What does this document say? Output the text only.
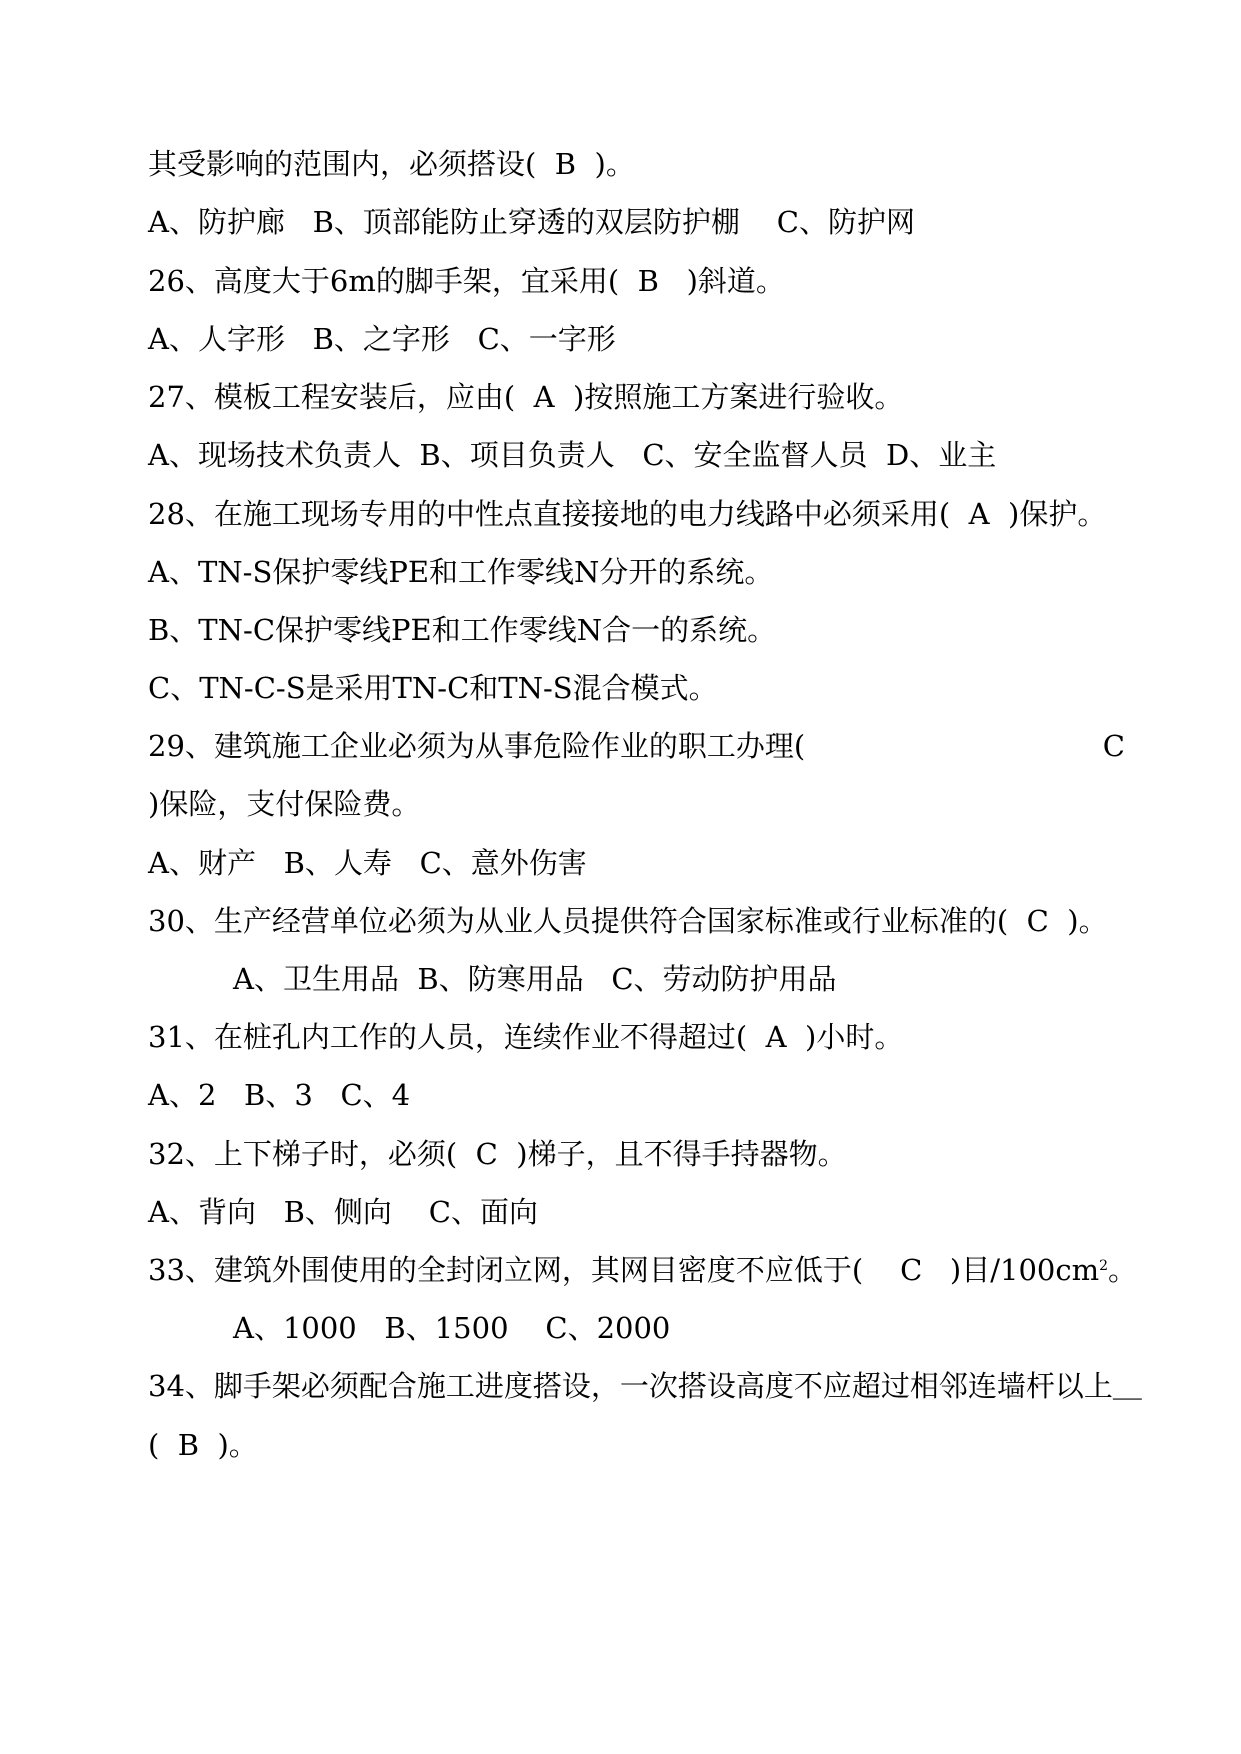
其受影响的范围内，必须搭设(  B  )。
A、防护廊   B、顶部能防止穿透的双层防护棚    C、防护网
26、高度大于6m的脚手架，宜采用(  B   )斜道。
A、人字形   B、之字形   C、一字形
27、模板工程安装后，应由(  A  )按照施工方案进行验收。
A、现场技术负责人  B、项目负责人   C、安全监督人员  D、业主
28、在施工现场专用的中性点直接接地的电力线路中必须采用(  A  )保护。
A、TN-S保护零线PE和工作零线N分开的系统。
B、TN-C保护零线PE和工作零线N合一的系统。
C、TN-C-S是采用TN-C和TN-S混合模式。
29、建筑施工企业必须为从事危险作业的职工办理(	C
)保险，支付保险费。
A、财产   B、人寿   C、意外伤害
30、生产经营单位必须为从业人员提供符合国家标准或行业标准的(  C  )。
A、卫生用品  B、防寒用品   C、劳动防护用品
31、在桩孔内工作的人员，连续作业不得超过(  A  )小时。
A、2   B、3   C、4
32、上下梯子时，必须(  C  )梯子，且不得手持器物。
A、背向   B、侧向    C、面向
33、建筑外围使用的全封闭立网，其网目密度不应低于(    C   )目$/100cm^2$。
A、1000   B、1500    C、2000
34、脚手架必须配合施工进度搭设，一次搭设高度不应超过相邻连墙杆以上＿
(  B  )。
